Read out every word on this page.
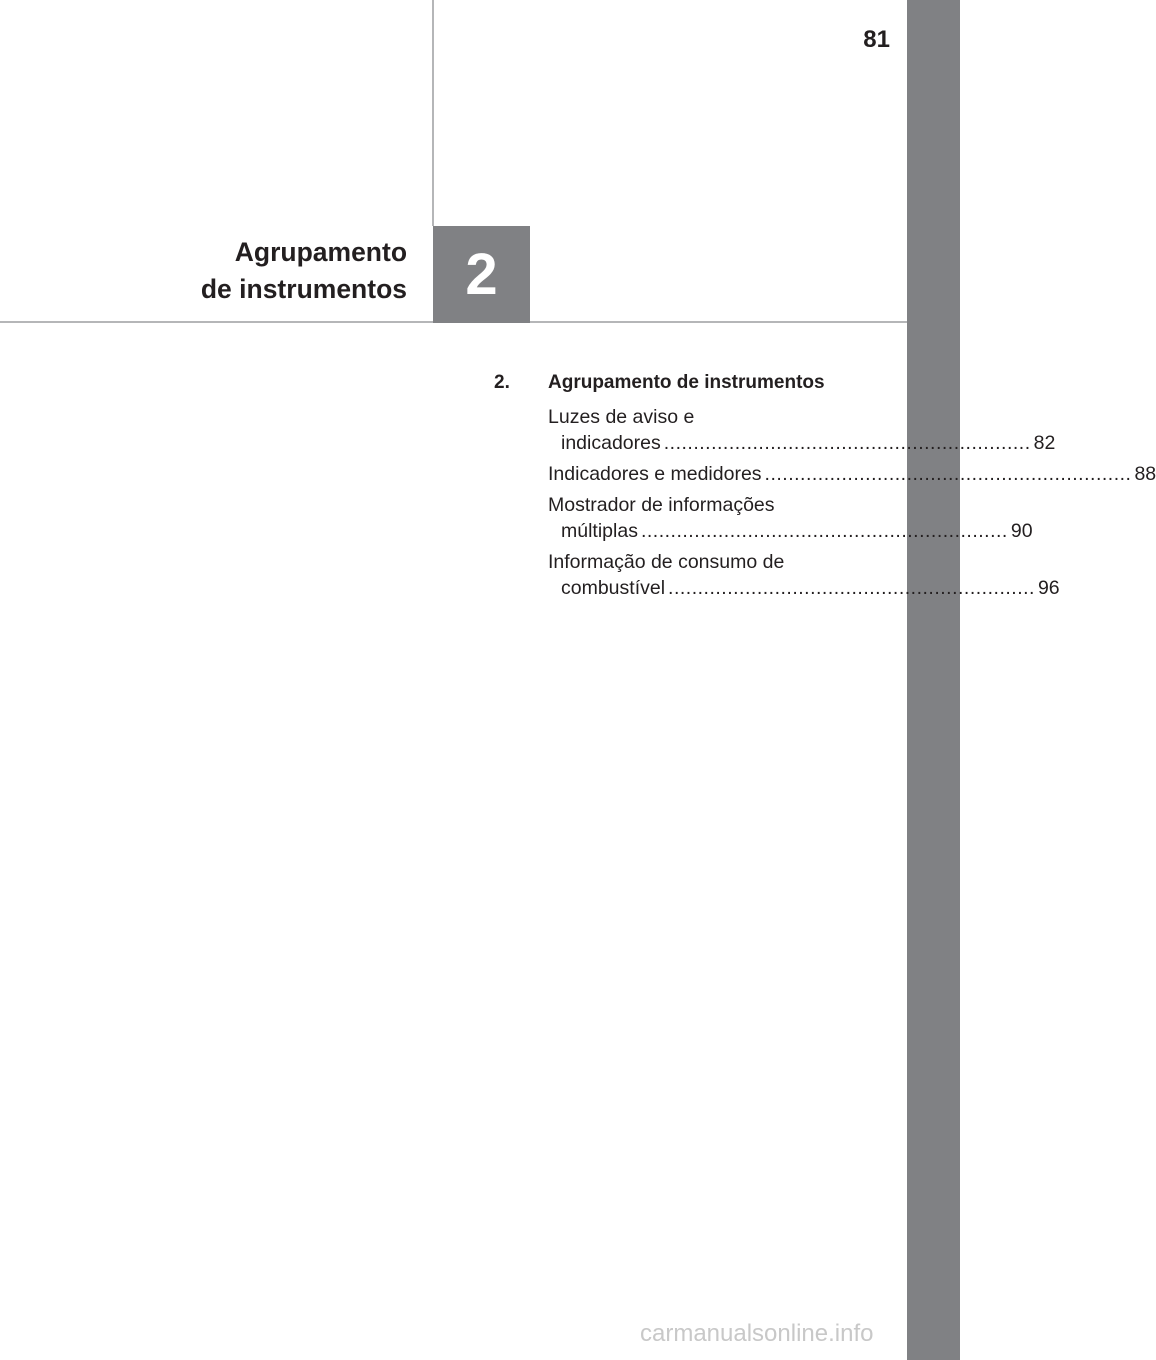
81
Agrupamento
de instrumentos	2
2.	Agrupamento de instrumentos
Luzes de aviso e
indicadores .............................................................. 82
Indicadores e medidores .............................................................. 88
Mostrador de informações
múltiplas .............................................................. 90
Informação de consumo de
combustível .............................................................. 96
carmanualsonline.info
